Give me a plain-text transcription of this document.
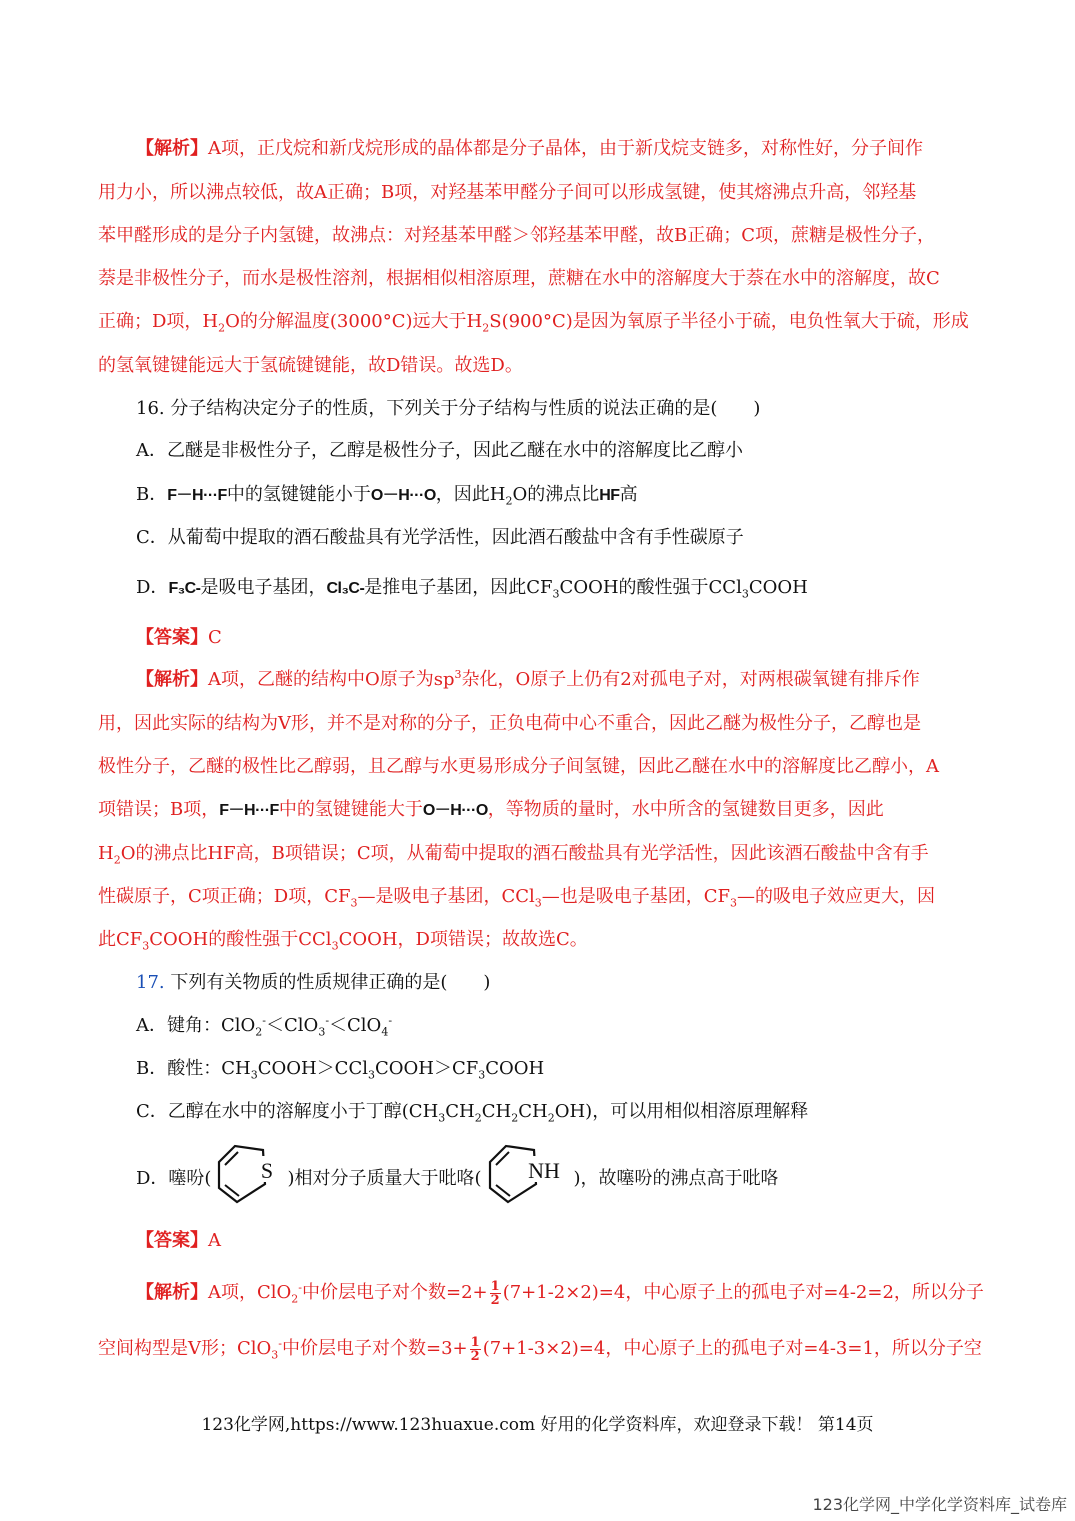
【解析】A项，正戊烷和新戊烷形成的晶体都是分子晶体，由于新戊烷支链多，对称性好，分子间作
用力小，所以沸点较低，故A正确；B项，对羟基苯甲醛分子间可以形成氢键，使其熔沸点升高，邻羟基
苯甲醛形成的是分子内氢键，故沸点：对羟基苯甲醛＞邻羟基苯甲醛，故B正确；C项，蔗糖是极性分子，
萘是非极性分子，而水是极性溶剂，根据相似相溶原理，蔗糖在水中的溶解度大于萘在水中的溶解度，故C
正确；D项，$H_2O$的分解温度(3000°C)远大于$H_2S(900^\circ C)$是因为氧原子半径小于硫，电负性氧大于硫，形成
的氢氧键键能远大于氢硫键键能，故D错误。故选D。
16. 分子结构决定分子的性质，下列关于分子结构与性质的说法正确的是(　　)
A．乙醚是非极性分子，乙醇是极性分子，因此乙醚在水中的溶解度比乙醇小
B．F－H···F中的氢键键能小于O－H···O，因此$H_2O$的沸点比HF高
C．从葡萄中提取的酒石酸盐具有光学活性，因此酒石酸盐中含有手性碳原子
D．F₃C-是吸电子基团，Cl₃C-是推电子基团，因此$CF_3COOH$的酸性强于CCl$_3$COOH
【答案】C
【解析】A项，乙醚的结构中O原子为$sp^3$杂化，O原子上仍有2对孤电子对，对两根碳氧键有排斥作
用，因此实际的结构为V形，并不是对称的分子，正负电荷中心不重合，因此乙醚为极性分子，乙醇也是
极性分子，乙醚的极性比乙醇弱，且乙醇与水更易形成分子间氢键，因此乙醚在水中的溶解度比乙醇小，A
项错误；B项，F－H···F中的氢键键能大于O－H···O，等物质的量时，水中所含的氢键数目更多，因此
$H_2O$的沸点比HF高，B项错误；C项，从葡萄中提取的酒石酸盐具有光学活性，因此该酒石酸盐中含有手
性碳原子，C项正确；D项，$CF_3—$是吸电子基团，CCl$_3$—也是吸电子基团，$CF_3—$的吸电子效应更大，因
此$CF_3COOH$的酸性强于CCl$_3$COOH，D项错误；故故选C。
17. 下列有关物质的性质规律正确的是(　　)
A．键角：ClO$_2$-＜ClO$_3$-＜ClO$_4$-
B．酸性：$CH_3COOH>CCl_3COOH>CF_3COOH$
C．乙醇在水中的溶解度小于丁醇$(CH_3CH_2CH_2CH_2OH)$，可以用相似相溶原理解释
D．噻吩( S )相对分子质量大于吡咯( NH )，故噻吩的沸点高于吡咯
【答案】A
【解析】A项，ClO$_2$-中价层电子对个数$=2+ \frac{1}{2} (7+1-2\times 2)=4$，中心原子上的孤电子对=4-2=2，所以分子
空间构型是V形；ClO$_3$-中价层电子对个数$=3+ \frac{1}{2} (7+1-3\times 2)=4$，中心原子上的孤电子对=4-3=1，所以分子空
123化学网,https://www.123huaxue.com 好用的化学资料库，欢迎登录下载！ 第14页
123化学网_中学化学资料库_试卷库
